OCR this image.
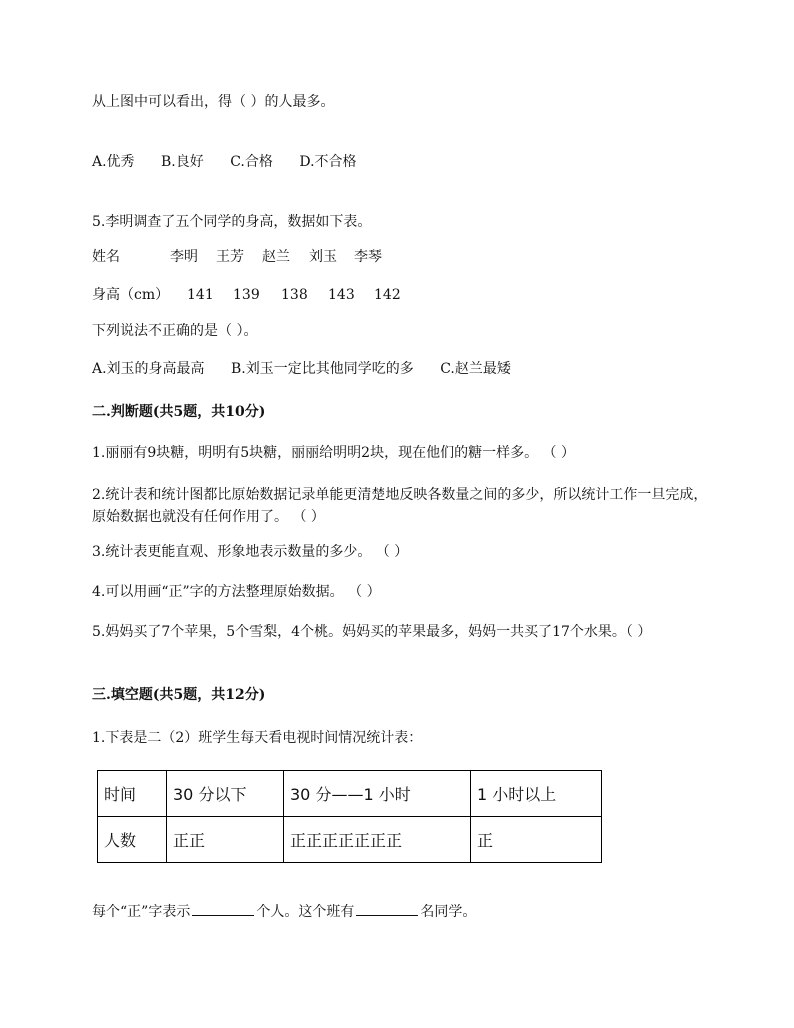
从上图中可以看出，得（ ）的人最多。
A.优秀 B.良好 C.合格 D.不合格
5.李明调查了五个同学的身高，数据如下表。
姓名	李明 王芳 赵兰 刘玉 李琴
身高（cm） 141 139 138 143 142
下列说法不正确的是（ ）。
A.刘玉的身高最高 B.刘玉一定比其他同学吃的多 C.赵兰最矮
二.判断题(共5题，共10分)
1.丽丽有9块糖，明明有5块糖，丽丽给明明2块，现在他们的糖一样多。 （ ）
2.统计表和统计图都比原始数据记录单能更清楚地反映各数量之间的多少，所以统计工作一旦完成，原始数据也就没有任何作用了。 （ ）
3.统计表更能直观、形象地表示数量的多少。 （ ）
4.可以用画“正”字的方法整理原始数据。 （ ）
5.妈妈买了7个苹果，5个雪梨，4个桃。妈妈买的苹果最多，妈妈一共买了17个水果。（ ）
三.填空题(共5题，共12分)
1.下表是二（2）班学生每天看电视时间情况统计表：
时间	30 分以下	30 分——1 小时	1 小时以上
人数	正正	正正正正正正正	正
每个“正”字表示	个人。这个班有	名同学。
